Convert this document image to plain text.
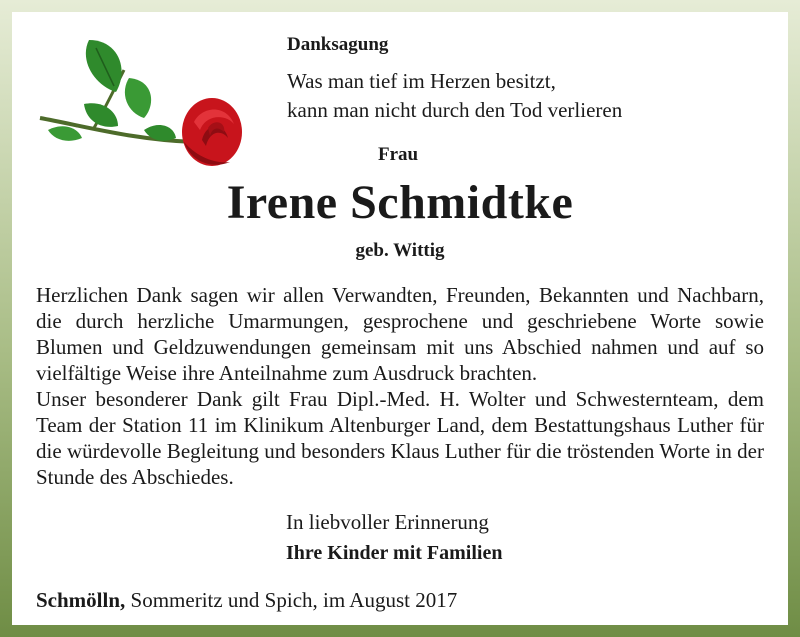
Danksagung

Was man tief im Herzen besitzt,
kann man nicht durch den Tod verlieren

Frau

Irene Schmidtke

geb. Wittig

Herzlichen Dank sagen wir allen Verwandten, Freunden, Bekannten und Nachbarn, die durch herzliche Umarmungen, gesprochene und geschriebene Worte sowie Blumen und Geldzuwendungen gemeinsam mit uns Abschied nahmen und auf so vielfältige Weise ihre Anteilnahme zum Ausdruck brachten.

Unser besonderer Dank gilt Frau Dipl.-Med. H. Wolter und Schwesternteam, dem Team der Station 11 im Klinikum Altenburger Land, dem Bestattungshaus Luther für die würdevolle Begleitung und besonders Klaus Luther für die tröstenden Worte in der Stunde des Abschiedes.

In liebvoller Erinnerung

Ihre Kinder mit Familien

Schmölln, Sommeritz und Spich, im August 2017
